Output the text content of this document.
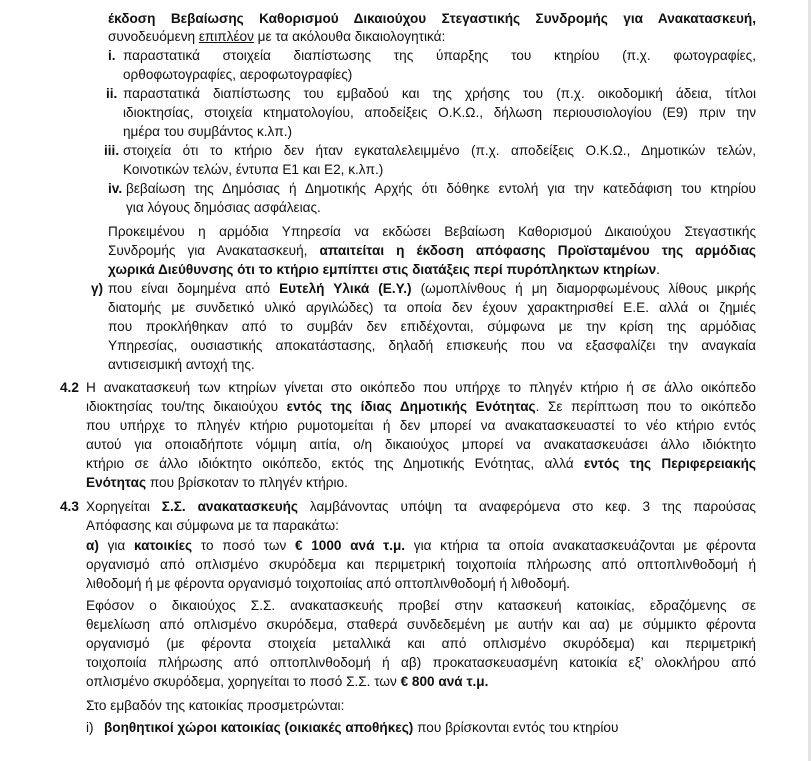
έκδοση Βεβαίωσης Καθορισμού Δικαιούχου Στεγαστικής Συνδρομής για Ανακατασκευή,
συνοδευόμενη επιπλέον με τα ακόλουθα δικαιολογητικά:
i. παραστατικά στοιχεία διαπίστωσης της ύπαρξης του κτηρίου (π.χ. φωτογραφίες,
ορθοφωτογραφίες, αεροφωτογραφίες)
ii. παραστατικά διαπίστωσης του εμβαδού και της χρήσης του (π.χ. οικοδομική άδεια, τίτλοι
ιδιοκτησίας, στοιχεία κτηματολογίου, αποδείξεις Ο.Κ.Ω., δήλωση περιουσιολογίου (Ε9) πριν την
ημέρα του συμβάντος κ.λπ.)
iii. στοιχεία ότι το κτήριο δεν ήταν εγκαταλελειμμένο (π.χ. αποδείξεις Ο.Κ.Ω., Δημοτικών τελών,
Κοινοτικών τελών, έντυπα Ε1 και Ε2, κ.λπ.)
iv. βεβαίωση της Δημόσιας ή Δημοτικής Αρχής ότι δόθηκε εντολή για την κατεδάφιση του κτηρίου
για λόγους δημόσιας ασφάλειας.
Προκειμένου η αρμόδια Υπηρεσία να εκδώσει Βεβαίωση Καθορισμού Δικαιούχου Στεγαστικής
Συνδρομής για Ανακατασκευή, απαιτείται η έκδοση απόφασης Προϊσταμένου της αρμόδιας
χωρικά Διεύθυνσης ότι το κτήριο εμπίπτει στις διατάξεις περί πυρόπληκτων κτηρίων.
γ) που είναι δομημένα από Ευτελή Υλικά (Ε.Υ.) (ωμοπλίνθους ή μη διαμορφωμένους λίθους μικρής
διατομής με συνδετικό υλικό αργιλώδες) τα οποία δεν έχουν χαρακτηρισθεί Ε.Ε. αλλά οι ζημιές
που προκλήθηκαν από το συμβάν δεν επιδέχονται, σύμφωνα με την κρίση της αρμόδιας
Υπηρεσίας, ουσιαστικής αποκατάστασης, δηλαδή επισκευής που να εξασφαλίζει την αναγκαία
αντισεισμική αντοχή της.
4.2 Η ανακατασκευή των κτηρίων γίνεται στο οικόπεδο που υπήρχε το πληγέν κτήριο ή σε άλλο οικόπεδο
ιδιοκτησίας του/της δικαιούχου εντός της ίδιας Δημοτικής Ενότητας. Σε περίπτωση που το οικόπεδο
που υπήρχε το πληγέν κτήριο ρυμοτομείται ή δεν μπορεί να ανακατασκευαστεί το νέο κτήριο εντός
αυτού για οποιαδήποτε νόμιμη αιτία, ο/η δικαιούχος μπορεί να ανακατασκευάσει άλλο ιδιόκτητο
κτήριο σε άλλο ιδιόκτητο οικόπεδο, εκτός της Δημοτικής Ενότητας, αλλά εντός της Περιφερειακής
Ενότητας που βρίσκοταν το πληγέν κτήριο.
4.3 Χορηγείται Σ.Σ. ανακατασκευής λαμβάνοντας υπόψη τα αναφερόμενα στο κεφ. 3 της παρούσας
Απόφασης και σύμφωνα με τα παρακάτω:
α) για κατοικίες το ποσό των € 1000 ανά τ.μ. για κτήρια τα οποία ανακατασκευάζονται με φέροντα
οργανισμό από οπλισμένο σκυρόδεμα και περιμετρική τοιχοποιία πλήρωσης από οπτοπλινθοδομή ή
λιθοδομή ή με φέροντα οργανισμό τοιχοποιίας από οπτοπλινθοδομή ή λιθοδομή.
Εφόσον ο δικαιούχος Σ.Σ. ανακατασκευής προβεί στην κατασκευή κατοικίας, εδραζόμενης σε
θεμελίωση από οπλισμένο σκυρόδεμα, σταθερά συνδεδεμένη με αυτήν και αα) με σύμμικτο φέροντα
οργανισμό (με φέροντα στοιχεία μεταλλικά και από οπλισμένο σκυρόδεμα) και περιμετρική
τοιχοποιία πλήρωσης από οπτοπλινθοδομή ή αβ) προκατασκευασμένη κατοικία εξ’ ολοκλήρου από
οπλισμένο σκυρόδεμα, χορηγείται το ποσό Σ.Σ. των € 800 ανά τ.μ.
Στο εμβαδόν της κατοικίας προσμετρώνται:
i) βοηθητικοί χώροι κατοικίας (οικιακές αποθήκες) που βρίσκονται εντός του κτηρίου
